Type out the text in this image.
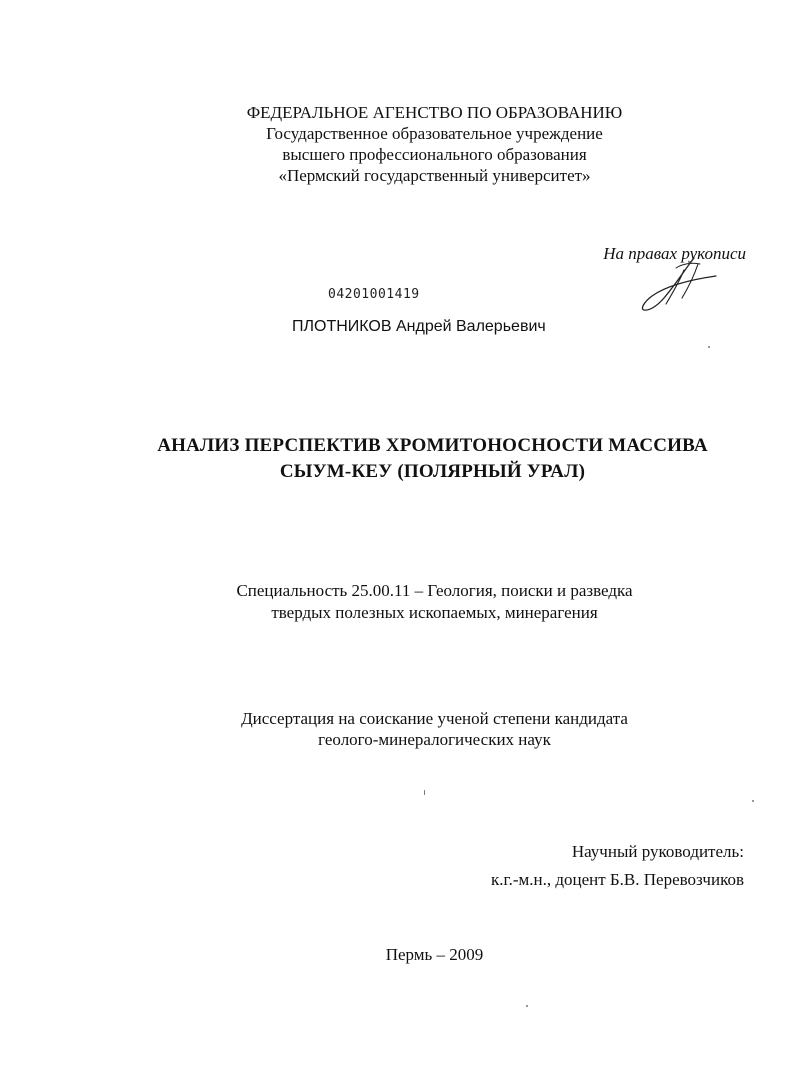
ФЕДЕРАЛЬНОЕ АГЕНСТВО ПО ОБРАЗОВАНИЮ
Государственное образовательное учреждение
высшего профессионального образования
«Пермский государственный университет»
На правах рукописи
04201001419
ПЛОТНИКОВ Андрей Валерьевич
АНАЛИЗ ПЕРСПЕКТИВ ХРОМИТОНОСНОСТИ МАССИВА
СЫУМ-КЕУ (ПОЛЯРНЫЙ УРАЛ)
Специальность 25.00.11 – Геология, поиски и разведка
твердых полезных ископаемых, минерагения
Диссертация на соискание ученой степени кандидата
геолого-минералогических наук
Научный руководитель:
к.г.-м.н., доцент Б.В. Перевозчиков
Пермь – 2009
